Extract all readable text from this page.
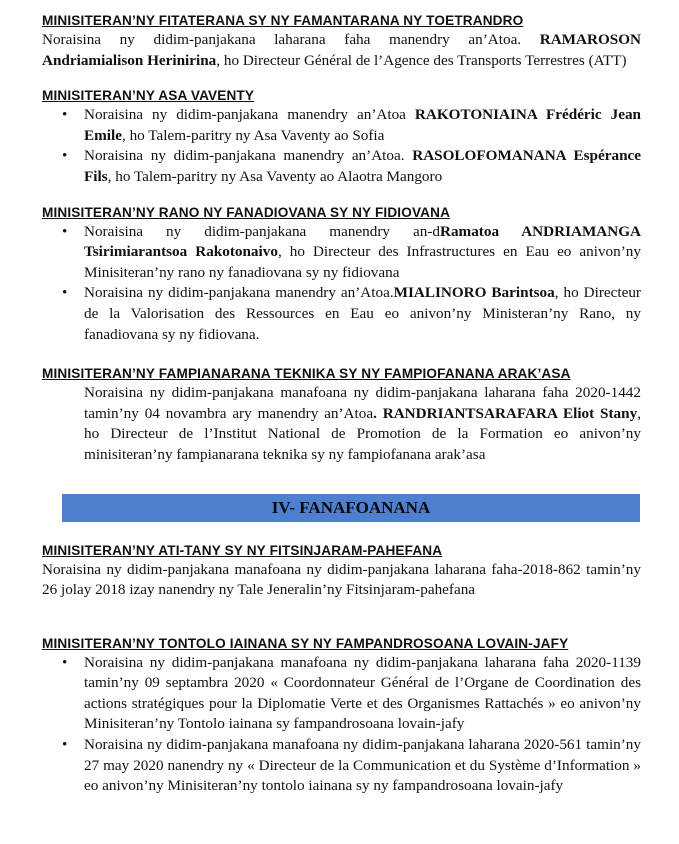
MINISITERAN’NY FITATERANA SY NY FAMANTARANA NY TOETRANDRO

Noraisina ny didim-panjakana laharana faha manendry an’Atoa. RAMAROSON Andriamialison Herinirina, ho Directeur Général de l’Agence des Transports Terrestres (ATT)

MINISITERAN’NY ASA VAVENTY

• Noraisina ny didim-panjakana manendry an’Atoa RAKOTONIAINA Frédéric Jean Emile, ho Talem-paritry ny Asa Vaventy ao Sofia
• Noraisina ny didim-panjakana manendry an’Atoa. RASOLOFOMANANA Espérance Fils, ho Talem-paritry ny Asa Vaventy ao Alaotra Mangoro

MINISITERAN’NY RANO NY FANADIOVANA SY NY FIDIOVANA

• Noraisina ny didim-panjakana manendry an-dRamatoa ANDRIAMANGA Tsirimiarantsoa Rakotonaivo, ho Directeur des Infrastructures en Eau eo anivon’ny Minisiteran’ny rano ny fanadiovana sy ny fidiovana
• Noraisina ny didim-panjakana manendry an’Atoa.MIALINORO Barintsoa, ho Directeur de la Valorisation des Ressources en Eau eo anivon’ny Ministeran’ny Rano, ny fanadiovana sy ny fidiovana.

MINISITERAN’NY FAMPIANARANA TEKNIKA SY NY FAMPIOFANANA ARAK’ASA

Noraisina ny didim-panjakana manafoana ny didim-panjakana laharana faha 2020-1442 tamin’ny 04 novambra ary manendry an’Atoa. RANDRIANTSARAFARA Eliot Stany, ho Directeur de l’Institut National de Promotion de la Formation eo anivon’ny minisiteran’ny fampianarana teknika sy ny fampiofanana arak’asa

IV- FANAFOANANA

MINISITERAN’NY ATI-TANY SY NY FITSINJARAM-PAHEFANA

Noraisina ny didim-panjakana manafoana ny didim-panjakana laharana faha-2018-862 tamin’ny 26 jolay 2018 izay nanendry ny Tale Jeneralin’ny Fitsinjaram-pahefana

MINISITERAN’NY TONTOLO IAINANA SY NY FAMPANDROSOANA LOVAIN-JAFY

• Noraisina ny didim-panjakana manafoana ny didim-panjakana laharana faha 2020-1139 tamin’ny 09 septambra 2020 « Coordonnateur Général de l’Organe de Coordination des actions stratégiques pour la Diplomatie Verte et des Organismes Rattachés » eo anivon’ny Minisiteran’ny Tontolo iainana sy fampandrosoana lovain-jafy
• Noraisina ny didim-panjakana manafoana ny didim-panjakana laharana 2020-561 tamin’ny 27 may 2020 nanendry ny « Directeur de la Communication et du Système d’Information » eo anivon’ny Minisiteran’ny tontolo iainana sy ny fampandrosoana lovain-jafy
